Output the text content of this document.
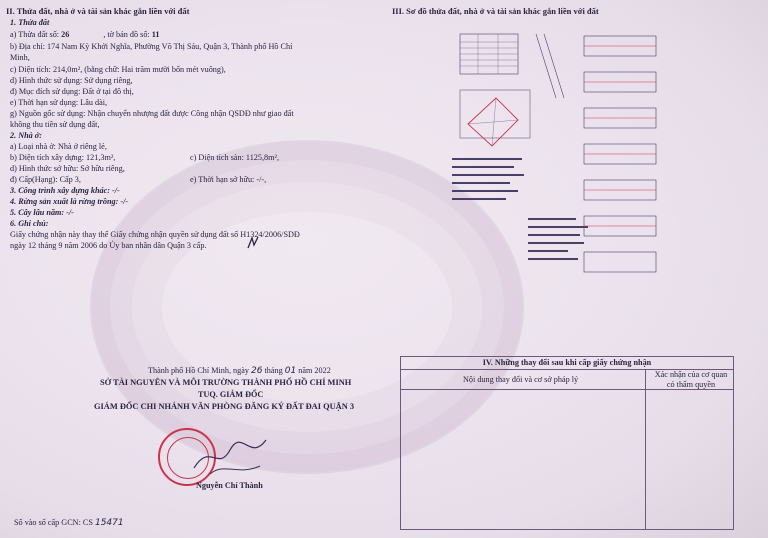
II. Thửa đất, nhà ở và tài sản khác gắn liền với đất
1. Thửa đất
a) Thửa đất số: 26	, tờ bản đồ số: 11
b) Địa chỉ: 174 Nam Kỳ Khởi Nghĩa, Phường Võ Thị Sáu, Quận 3, Thành phố Hồ Chí
Minh,
c) Diện tích: 214,0m², (bằng chữ: Hai trăm mười bốn mét vuông),
d) Hình thức sử dụng: Sử dụng riêng,
đ) Mục đích sử dụng: Đất ở tại đô thị,
e) Thời hạn sử dụng: Lâu dài,
g) Nguồn gốc sử dụng: Nhận chuyển nhượng đất được Công nhận QSDĐ như giao đất
không thu tiền sử dụng đất,
2. Nhà ở:
a) Loại nhà ở: Nhà ở riêng lẻ,
b) Diện tích xây dựng: 121,3m²,	c) Diện tích sàn: 1125,8m²,
d) Hình thức sở hữu: Sở hữu riêng,
đ) Cấp(Hạng): Cấp 3,	e) Thời hạn sở hữu: -/-,
3. Công trình xây dựng khác: -/-
4. Rừng sản xuất là rừng trồng: -/-
5. Cây lâu năm: -/-
6. Ghi chú:
Giấy chứng nhận này thay thế Giấy chứng nhận quyền sử dụng đất số H1324/2006/SDĐ
ngày 12 tháng 9 năm 2006 do Ủy ban nhân dân Quận 3 cấp.
Thành phố Hồ Chí Minh, ngày 26 tháng 01 năm 2022
SỞ TÀI NGUYÊN VÀ MÔI TRƯỜNG THÀNH PHỐ HỒ CHÍ MINH
TUQ. GIÁM ĐỐC
GIÁM ĐỐC CHI NHÁNH VĂN PHÒNG ĐĂNG KÝ ĐẤT ĐAI QUẬN 3
Nguyễn Chí Thành
Số vào sổ cấp GCN: CS 15471
III. Sơ đồ thửa đất, nhà ở và tài sản khác gắn liền với đất
IV. Những thay đổi sau khi cấp giấy chứng nhận
Nội dung thay đổi và cơ sở pháp lý
Xác nhận của cơ quan có thẩm quyền
